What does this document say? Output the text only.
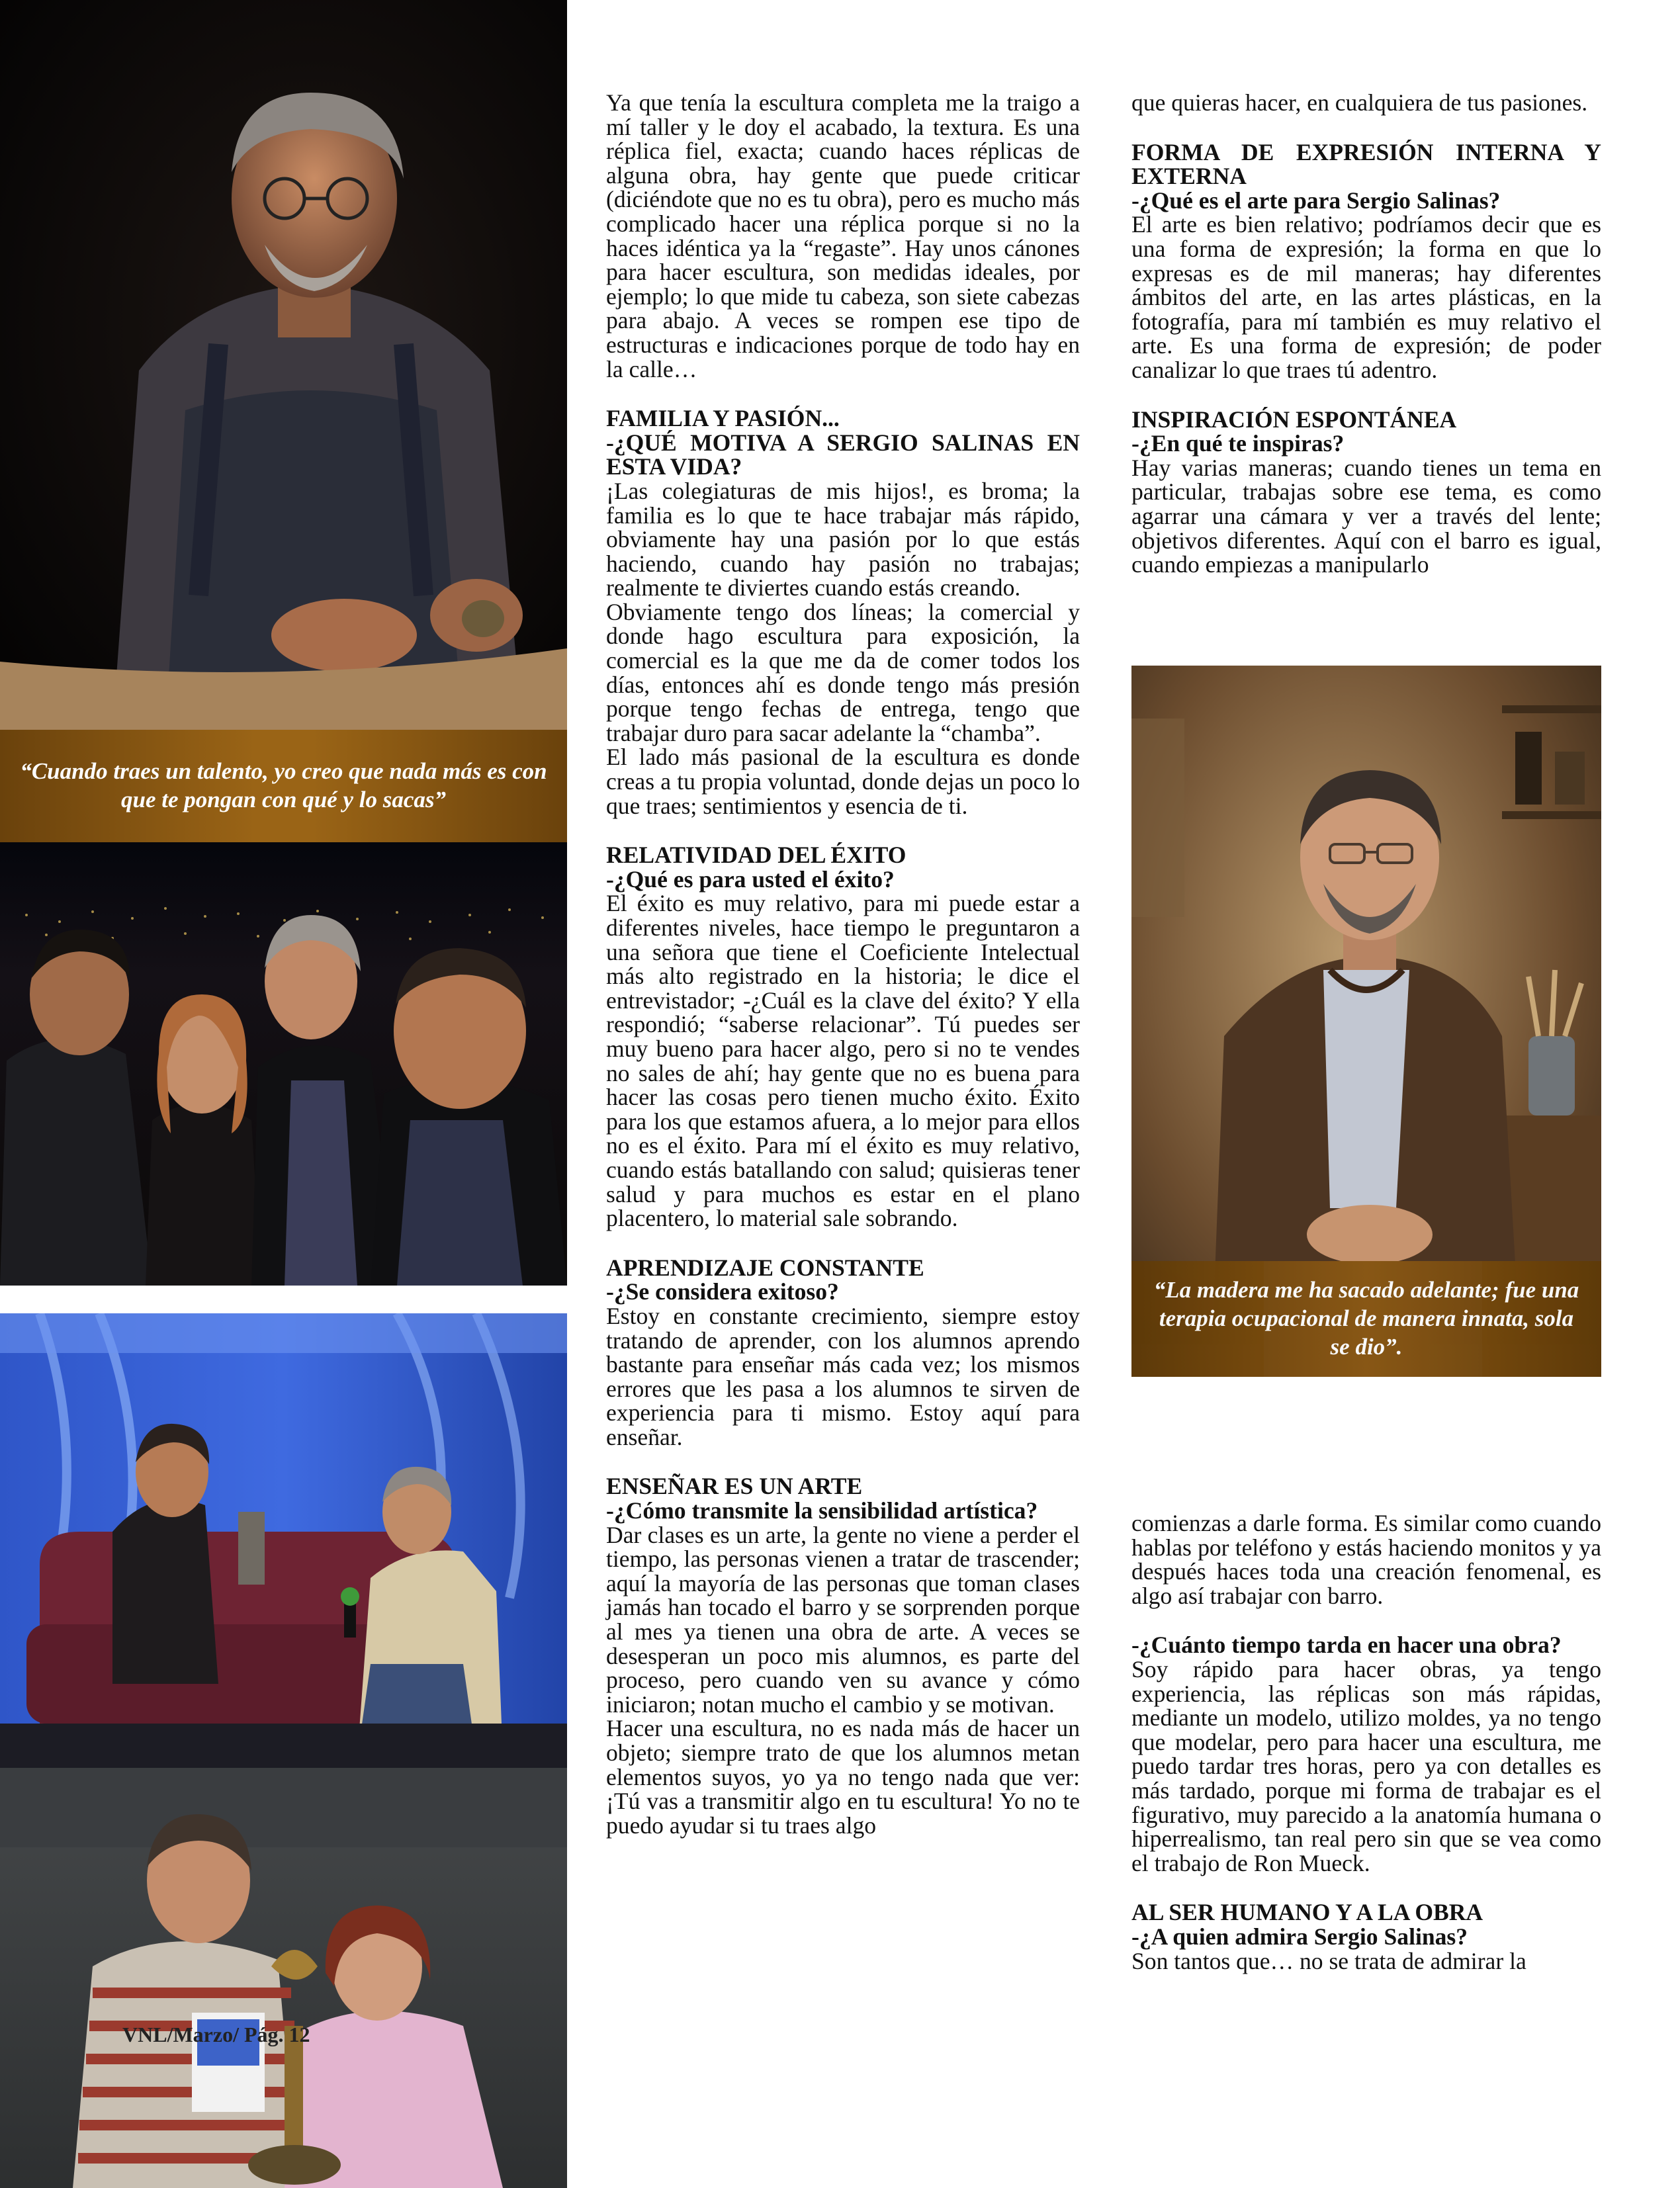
“Cuando traes un talento, yo creo que nada más es con que te pongan con qué y lo sacas”
VNL/Marzo/ Pág. 12

Ya que tenía la escultura completa me la traigo a mí taller y le doy el acabado, la textura. Es una réplica fiel, exacta; cuando haces réplicas de alguna obra, hay gente que puede criticar (diciéndote que no es tu obra), pero es mucho más complicado hacer una réplica porque si no la haces idéntica ya la “regaste”. Hay unos cánones para hacer escultura, son medidas ideales, por ejemplo; lo que mide tu cabeza, son siete cabezas para abajo. A veces se rompen ese tipo de estructuras e indicaciones porque de todo hay en la calle…

FAMILIA Y PASIÓN...

-¿QUÉ MOTIVA A SERGIO SALINAS EN ESTA VIDA?

¡Las colegiaturas de mis hijos!, es broma; la familia es lo que te hace trabajar más rápido, obviamente hay una pasión por lo que estás haciendo, cuando hay pasión no trabajas; realmente te diviertes cuando estás creando.

Obviamente tengo dos líneas; la comercial y donde hago escultura para exposición, la comercial es la que me da de comer todos los días, entonces ahí es donde tengo más presión porque tengo fechas de entrega, tengo que trabajar duro para sacar adelante la “chamba”.

El lado más pasional de la escultura es donde creas a tu propia voluntad, donde dejas un poco lo que traes; sentimientos y esencia de ti.

RELATIVIDAD DEL ÉXITO

-¿Qué es para usted el éxito?

El éxito es muy relativo, para mi puede estar a diferentes niveles, hace tiempo le preguntaron a una señora que tiene el Coeficiente Intelectual más alto registrado en la historia; le dice el entrevistador; -¿Cuál es la clave del éxito? Y ella respondió; “saberse relacionar”. Tú puedes ser muy bueno para hacer algo, pero si no te vendes no sales de ahí; hay gente que no es buena para hacer las cosas pero tienen mucho éxito. Éxito para los que estamos afuera, a lo mejor para ellos no es el éxito. Para mí el éxito es muy relativo, cuando estás batallando con salud; quisieras tener salud y para muchos es estar en el plano placentero, lo material sale sobrando.

APRENDIZAJE CONSTANTE

-¿Se considera exitoso?

Estoy en constante crecimiento, siempre estoy tratando de aprender, con los alumnos aprendo bastante para enseñar más cada vez; los mismos errores que les pasa a los alumnos te sirven de experiencia para ti mismo. Estoy aquí para enseñar.

ENSEÑAR ES UN ARTE

-¿Cómo transmite la sensibilidad artística?

Dar clases es un arte, la gente no viene a perder el tiempo, las personas vienen a tratar de trascender; aquí la mayoría de las personas que toman clases jamás han tocado el barro y se sorprenden porque al mes ya tienen una obra de arte. A veces se desesperan un poco mis alumnos, es parte del proceso, pero cuando ven su avance y cómo iniciaron; notan mucho el cambio y se motivan.

Hacer una escultura, no es nada más de hacer un objeto; siempre trato de que los alumnos metan elementos suyos, yo ya no tengo nada que ver: ¡Tú vas a transmitir algo en tu escultura! Yo no te puedo ayudar si tu traes algo

que quieras hacer, en cualquiera de tus pasiones.

FORMA DE EXPRESIÓN INTERNA Y EXTERNA

-¿Qué es el arte para Sergio Salinas?

El arte es bien relativo; podríamos decir que es una forma de expresión; la forma en que lo expresas es de mil maneras; hay diferentes ámbitos del arte, en las artes plásticas, en la fotografía, para mí también es muy relativo el arte. Es una forma de expresión; de poder canalizar lo que traes tú adentro.

INSPIRACIÓN ESPONTÁNEA

-¿En qué te inspiras?

Hay varias maneras; cuando tienes un tema en particular, trabajas sobre ese tema, es como agarrar una cámara y ver a través del lente; objetivos diferentes. Aquí con el barro es igual, cuando empiezas a manipularlo

“La madera me ha sacado adelante; fue una terapia ocupacional de manera innata, sola se dio”.

comienzas a darle forma. Es similar como cuando hablas por teléfono y estás haciendo monitos y ya después haces toda una creación fenomenal, es algo así trabajar con barro.

-¿Cuánto tiempo tarda en hacer una obra?

Soy rápido para hacer obras, ya tengo experiencia, las réplicas son más rápidas, mediante un modelo, utilizo moldes, ya no tengo que modelar, pero para hacer una escultura, me puedo tardar tres horas, pero ya con detalles es más tardado, porque mi forma de trabajar es el figurativo, muy parecido a la anatomía humana o hiperrealismo, tan real pero sin que se vea como el trabajo de Ron Mueck.

AL SER HUMANO Y A LA OBRA

-¿A quien admira Sergio Salinas?

Son tantos que… no se trata de admirar la
